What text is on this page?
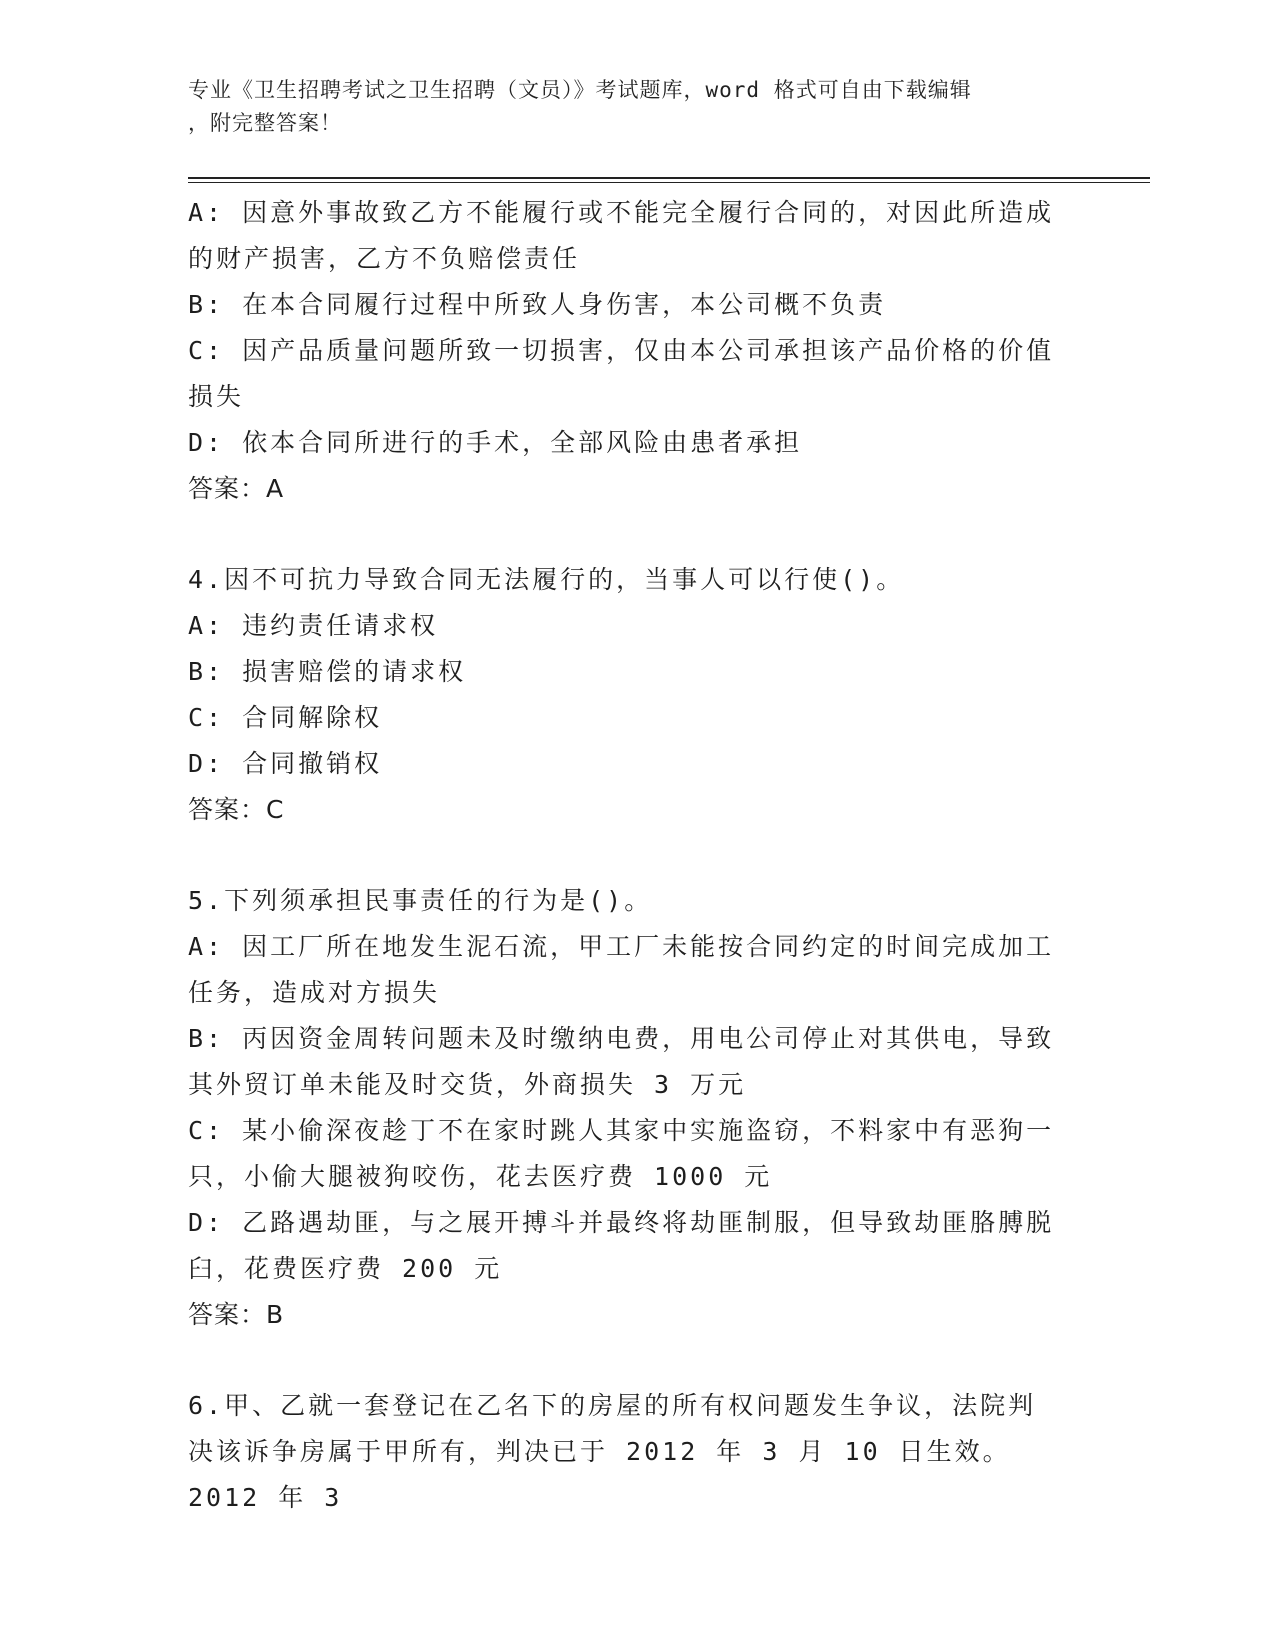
专业《卫生招聘考试之卫生招聘（文员）》考试题库，word 格式可自由下载编辑
，附完整答案！

A: 因意外事故致乙方不能履行或不能完全履行合同的，对因此所造成

的财产损害，乙方不负赔偿责任

B: 在本合同履行过程中所致人身伤害，本公司概不负责

C: 因产品质量问题所致一切损害，仅由本公司承担该产品价格的价值

损失

D: 依本合同所进行的手术，全部风险由患者承担

答案：A

4.因不可抗力导致合同无法履行的，当事人可以行使()。

A: 违约责任请求权

B: 损害赔偿的请求权

C: 合同解除权

D: 合同撤销权

答案：C

5.下列须承担民事责任的行为是()。

A: 因工厂所在地发生泥石流，甲工厂未能按合同约定的时间完成加工

任务，造成对方损失

B: 丙因资金周转问题未及时缴纳电费，用电公司停止对其供电，导致

其外贸订单未能及时交货，外商损失 3 万元

C: 某小偷深夜趁丁不在家时跳人其家中实施盗窃，不料家中有恶狗一

只，小偷大腿被狗咬伤，花去医疗费 1000 元

D: 乙路遇劫匪，与之展开搏斗并最终将劫匪制服，但导致劫匪胳膊脱

臼，花费医疗费 200 元

答案：B

6.甲、乙就一套登记在乙名下的房屋的所有权问题发生争议，法院判

决该诉争房属于甲所有，判决已于 2012 年 3 月 10 日生效。2012 年 3
